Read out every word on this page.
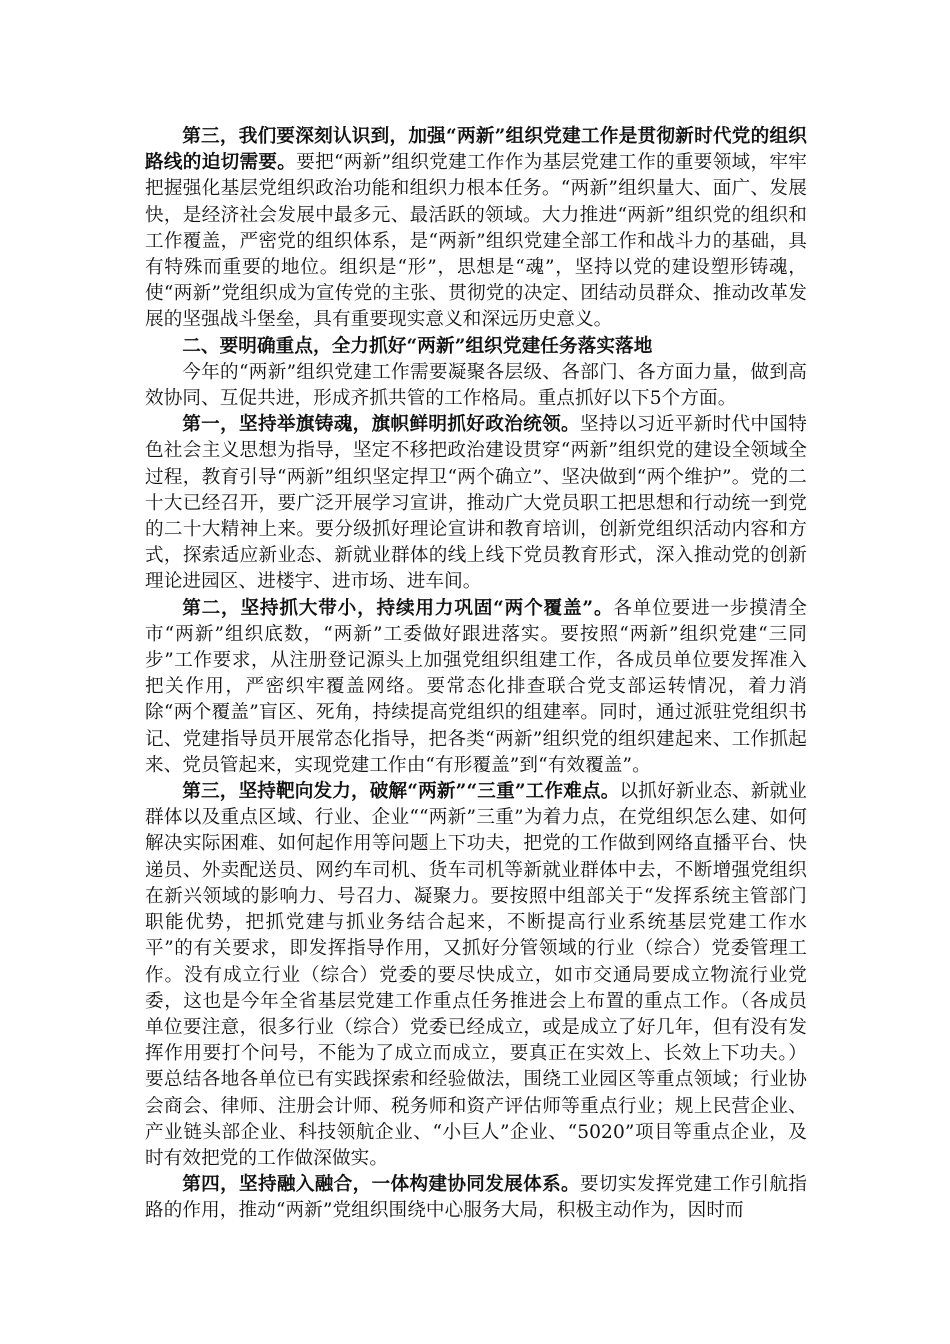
第三，我们要深刻认识到，加强“两新”组织党建工作是贯彻新时代党的组织路线的迫切需要。要把“两新”组织党建工作作为基层党建工作的重要领域，牢牢把握强化基层党组织政治功能和组织力根本任务。“两新”组织量大、面广、发展快，是经济社会发展中最多元、最活跃的领域。大力推进“两新”组织党的组织和工作覆盖，严密党的组织体系，是“两新”组织党建全部工作和战斗力的基础，具有特殊而重要的地位。组织是“形”，思想是“魂”，坚持以党的建设塑形铸魂，使“两新”党组织成为宣传党的主张、贯彻党的决定、团结动员群众、推动改革发展的坚强战斗堡垒，具有重要现实意义和深远历史意义。

二、要明确重点，全力抓好“两新”组织党建任务落实落地

今年的“两新”组织党建工作需要凝聚各层级、各部门、各方面力量，做到高效协同、互促共进，形成齐抓共管的工作格局。重点抓好以下5个方面。

第一，坚持举旗铸魂，旗帜鲜明抓好政治统领。坚持以习近平新时代中国特色社会主义思想为指导，坚定不移把政治建设贯穿“两新”组织党的建设全领域全过程，教育引导“两新”组织坚定捍卫“两个确立”、坚决做到“两个维护”。党的二十大已经召开，要广泛开展学习宣讲，推动广大党员职工把思想和行动统一到党的二十大精神上来。要分级抓好理论宣讲和教育培训，创新党组织活动内容和方式，探索适应新业态、新就业群体的线上线下党员教育形式，深入推动党的创新理论进园区、进楼宇、进市场、进车间。

第二，坚持抓大带小，持续用力巩固“两个覆盖”。各单位要进一步摸清全市“两新”组织底数，“两新”工委做好跟进落实。要按照“两新”组织党建“三同步”工作要求，从注册登记源头上加强党组织组建工作，各成员单位要发挥准入把关作用，严密织牢覆盖网络。要常态化排查联合党支部运转情况，着力消除“两个覆盖”盲区、死角，持续提高党组织的组建率。同时，通过派驻党组织书记、党建指导员开展常态化指导，把各类“两新”组织党的组织建起来、工作抓起来、党员管起来，实现党建工作由“有形覆盖”到“有效覆盖”。

第三，坚持靶向发力，破解“两新”“三重”工作难点。以抓好新业态、新就业群体以及重点区域、行业、企业““两新”三重”为着力点，在党组织怎么建、如何解决实际困难、如何起作用等问题上下功夫，把党的工作做到网络直播平台、快递员、外卖配送员、网约车司机、货车司机等新就业群体中去，不断增强党组织在新兴领域的影响力、号召力、凝聚力。要按照中组部关于“发挥系统主管部门职能优势，把抓党建与抓业务结合起来，不断提高行业系统基层党建工作水平”的有关要求，即发挥指导作用，又抓好分管领域的行业（综合）党委管理工作。没有成立行业（综合）党委的要尽快成立，如市交通局要成立物流行业党委，这也是今年全省基层党建工作重点任务推进会上布置的重点工作。（各成员单位要注意，很多行业（综合）党委已经成立，或是成立了好几年，但有没有发挥作用要打个问号，不能为了成立而成立，要真正在实效上、长效上下功夫。）要总结各地各单位已有实践探索和经验做法，围绕工业园区等重点领域；行业协会商会、律师、注册会计师、税务师和资产评估师等重点行业；规上民营企业、产业链头部企业、科技领航企业、“小巨人”企业、“5020”项目等重点企业，及时有效把党的工作做深做实。

第四，坚持融入融合，一体构建协同发展体系。要切实发挥党建工作引航指路的作用，推动“两新”党组织围绕中心服务大局，积极主动作为，因时而
